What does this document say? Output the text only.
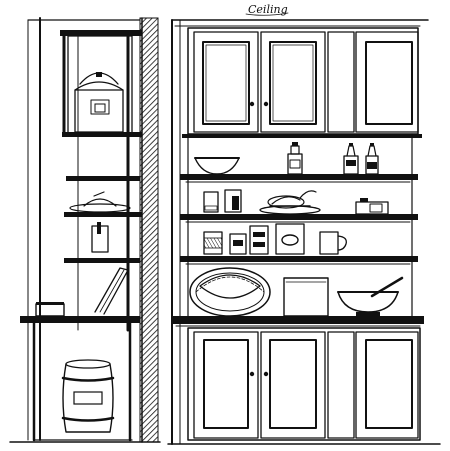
Ceiling
